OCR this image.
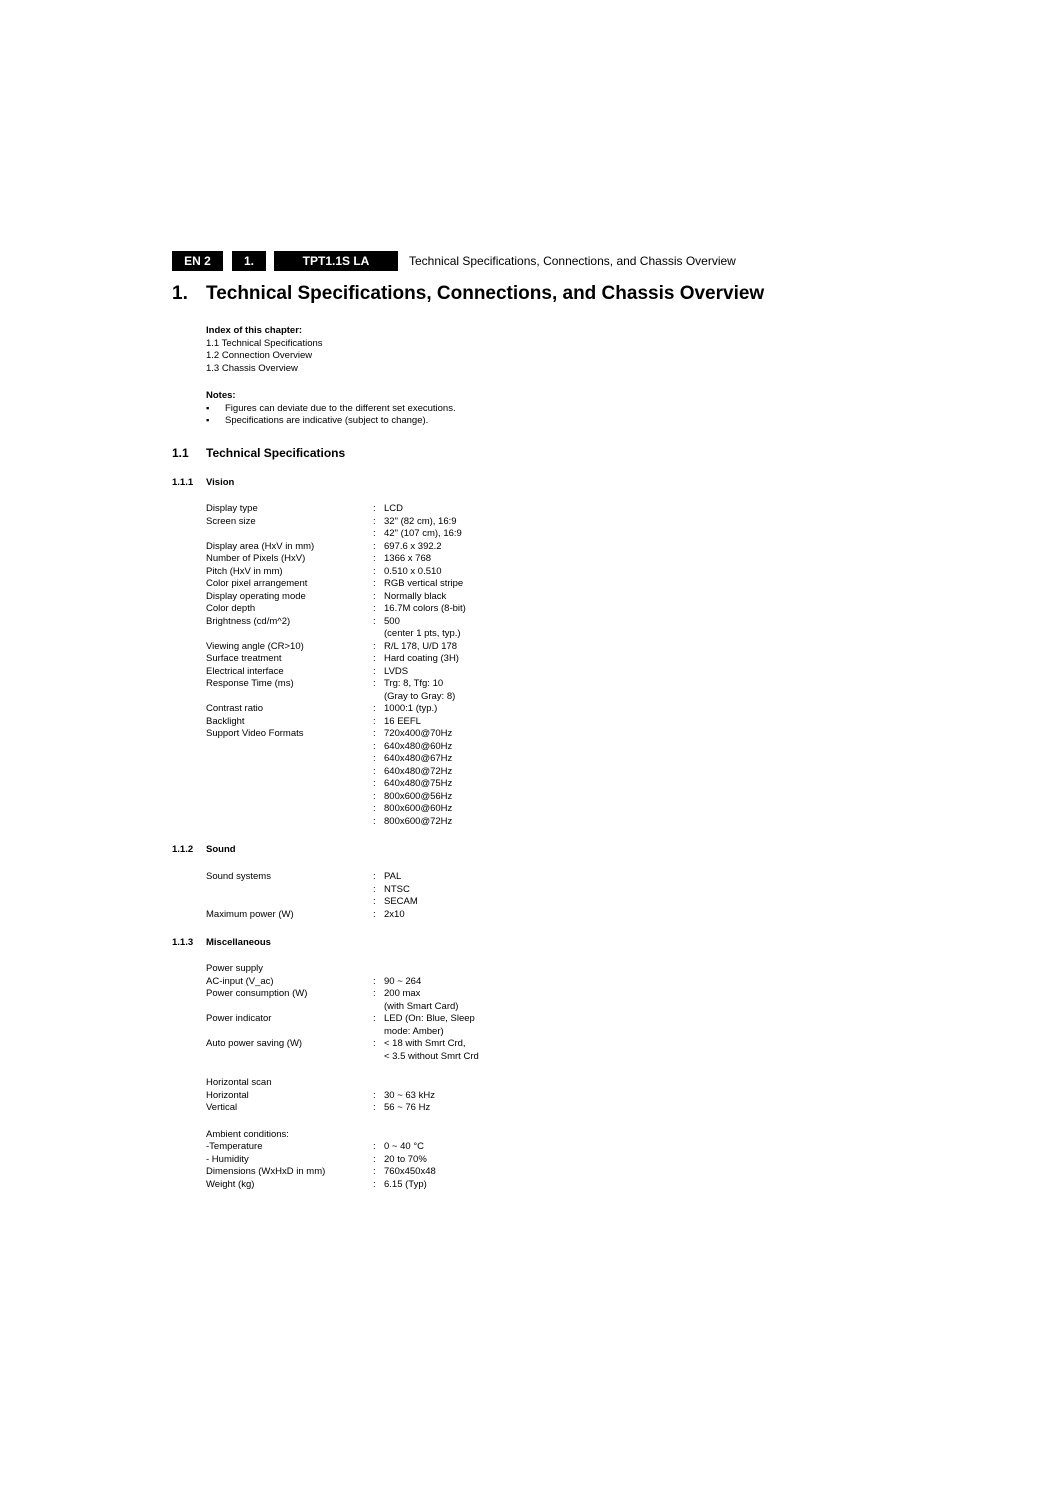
EN 2	1.	TPT1.1S LA	Technical Specifications, Connections, and Chassis Overview
1. Technical Specifications, Connections, and Chassis Overview
Index of this chapter:
1.1 Technical Specifications
1.2 Connection Overview
1.3 Chassis Overview
Notes:
▪ Figures can deviate due to the different set executions.
▪ Specifications are indicative (subject to change).
1.1 Technical Specifications
1.1.1 Vision
Display type	: LCD
Screen size	: 32" (82 cm), 16:9
: 42" (107 cm), 16:9
Display area (HxV in mm)	: 697.6 x 392.2
Number of Pixels (HxV)	: 1366 x 768
Pitch (HxV in mm)	: 0.510 x 0.510
Color pixel arrangement	: RGB vertical stripe
Display operating mode	: Normally black
Color depth	: 16.7M colors (8-bit)
Brightness (cd/m^2)	: 500
(center 1 pts, typ.)
Viewing angle (CR>10)	: R/L 178, U/D 178
Surface treatment	: Hard coating (3H)
Electrical interface	: LVDS
Response Time (ms)	: Trg: 8, Tfg: 10
(Gray to Gray: 8)
Contrast ratio	: 1000:1 (typ.)
Backlight	: 16 EEFL
Support Video Formats	: 720x400@70Hz
: 640x480@60Hz
: 640x480@67Hz
: 640x480@72Hz
: 640x480@75Hz
: 800x600@56Hz
: 800x600@60Hz
: 800x600@72Hz
1.1.2 Sound
Sound systems	: PAL
: NTSC
: SECAM
Maximum power (W)	: 2x10
1.1.3 Miscellaneous
Power supply
AC-input (V_ac)	: 90 ~ 264
Power consumption (W)	: 200 max
(with Smart Card)
Power indicator	: LED (On: Blue, Sleep
mode: Amber)
Auto power saving (W)	: < 18 with Smrt Crd,
< 3.5 without Smrt Crd
Horizontal scan
Horizontal	: 30 ~ 63 kHz
Vertical	: 56 ~ 76 Hz
Ambient conditions:
-Temperature	: 0 ~ 40 °C
- Humidity	: 20 to 70%
Dimensions (WxHxD in mm)	: 760x450x48
Weight (kg)	: 6.15 (Typ)
